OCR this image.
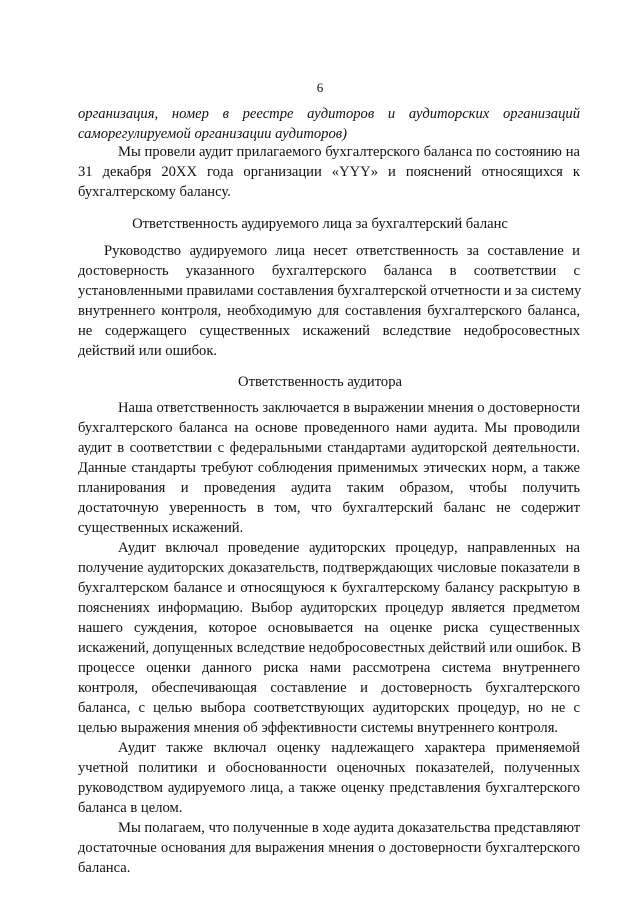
6
организация, номер в реестре аудиторов и аудиторских организаций
саморегулируемой организации аудиторов)
Мы провели аудит прилагаемого бухгалтерского баланса по состоянию на
31 декабря 20XX года организации «YYY» и пояснений относящихся к
бухгалтерскому балансу.
Ответственность аудируемого лица за бухгалтерский баланс
Руководство аудируемого лица несет ответственность за составление и
достоверность указанного бухгалтерского баланса в соответствии с
установленными правилами составления бухгалтерской отчетности и за систему
внутреннего контроля, необходимую для составления бухгалтерского баланса,
не содержащего существенных искажений вследствие недобросовестных
действий или ошибок.
Ответственность аудитора
Наша ответственность заключается в выражении мнения о достоверности
бухгалтерского баланса на основе проведенного нами аудита. Мы проводили
аудит в соответствии с федеральными стандартами аудиторской деятельности.
Данные стандарты требуют соблюдения применимых этических норм, а также
планирования и проведения аудита таким образом, чтобы получить
достаточную уверенность в том, что бухгалтерский баланс не содержит
существенных искажений.
Аудит включал проведение аудиторских процедур, направленных на
получение аудиторских доказательств, подтверждающих числовые показатели в
бухгалтерском балансе и относящуюся к бухгалтерскому балансу раскрытую в
пояснениях информацию. Выбор аудиторских процедур является предметом
нашего суждения, которое основывается на оценке риска существенных
искажений, допущенных вследствие недобросовестных действий или ошибок. В
процессе оценки данного риска нами рассмотрена система внутреннего
контроля, обеспечивающая составление и достоверность бухгалтерского
баланса, с целью выбора соответствующих аудиторских процедур, но не с
целью выражения мнения об эффективности системы внутреннего контроля.
Аудит также включал оценку надлежащего характера применяемой
учетной политики и обоснованности оценочных показателей, полученных
руководством аудируемого лица, а также оценку представления бухгалтерского
баланса в целом.
Мы полагаем, что полученные в ходе аудита доказательства представляют
достаточные основания для выражения мнения о достоверности бухгалтерского
баланса.
